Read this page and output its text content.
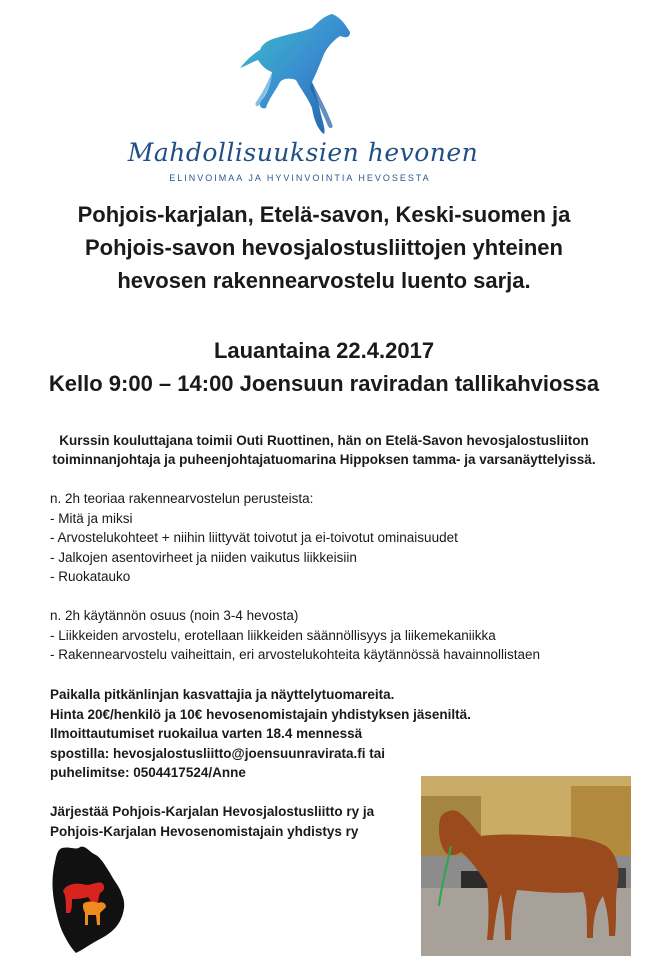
Mahdollisuuksien hevonen
ELINVOIMAA JA HYVINVOINTIA HEVOSESTA
Pohjois-karjalan, Etelä-savon, Keski-suomen ja
Pohjois-savon hevosjalostusliittojen yhteinen
hevosen rakennearvostelu luento sarja.
Lauantaina 22.4.2017
Kello 9:00 – 14:00 Joensuun raviradan tallikahviossa
Kurssin kouluttajana toimii Outi Ruottinen, hän on Etelä-Savon hevosjalostusliiton
toiminnanjohtaja ja puheenjohtajatuomarina Hippoksen tamma- ja varsanäyttelyissä.
n. 2h teoriaa rakennearvostelun perusteista:
- Mitä ja miksi
- Arvostelukohteet + niihin liittyvät toivotut ja ei-toivotut ominaisuudet
- Jalkojen asentovirheet ja niiden vaikutus liikkeisiin
- Ruokatauko
n. 2h käytännön osuus (noin 3-4 hevosta)
- Liikkeiden arvostelu, erotellaan liikkeiden säännöllisyys ja liikemekaniikka
- Rakennearvostelu vaiheittain, eri arvostelukohteita käytännössä havainnollistaen
Paikalla pitkänlinjan kasvattajia ja näyttelytuomareita.
Hinta 20€/henkilö ja 10€ hevosenomistajain yhdistyksen jäseniltä.
Ilmoittautumiset ruokailua varten 18.4 mennessä
spostilla: hevosjalostusliitto@joensuunravirata.fi tai
puhelimitse: 0504417524/Anne
Järjestää Pohjois-Karjalan Hevosjalostusliitto ry ja
Pohjois-Karjalan Hevosenomistajain yhdistys ry
